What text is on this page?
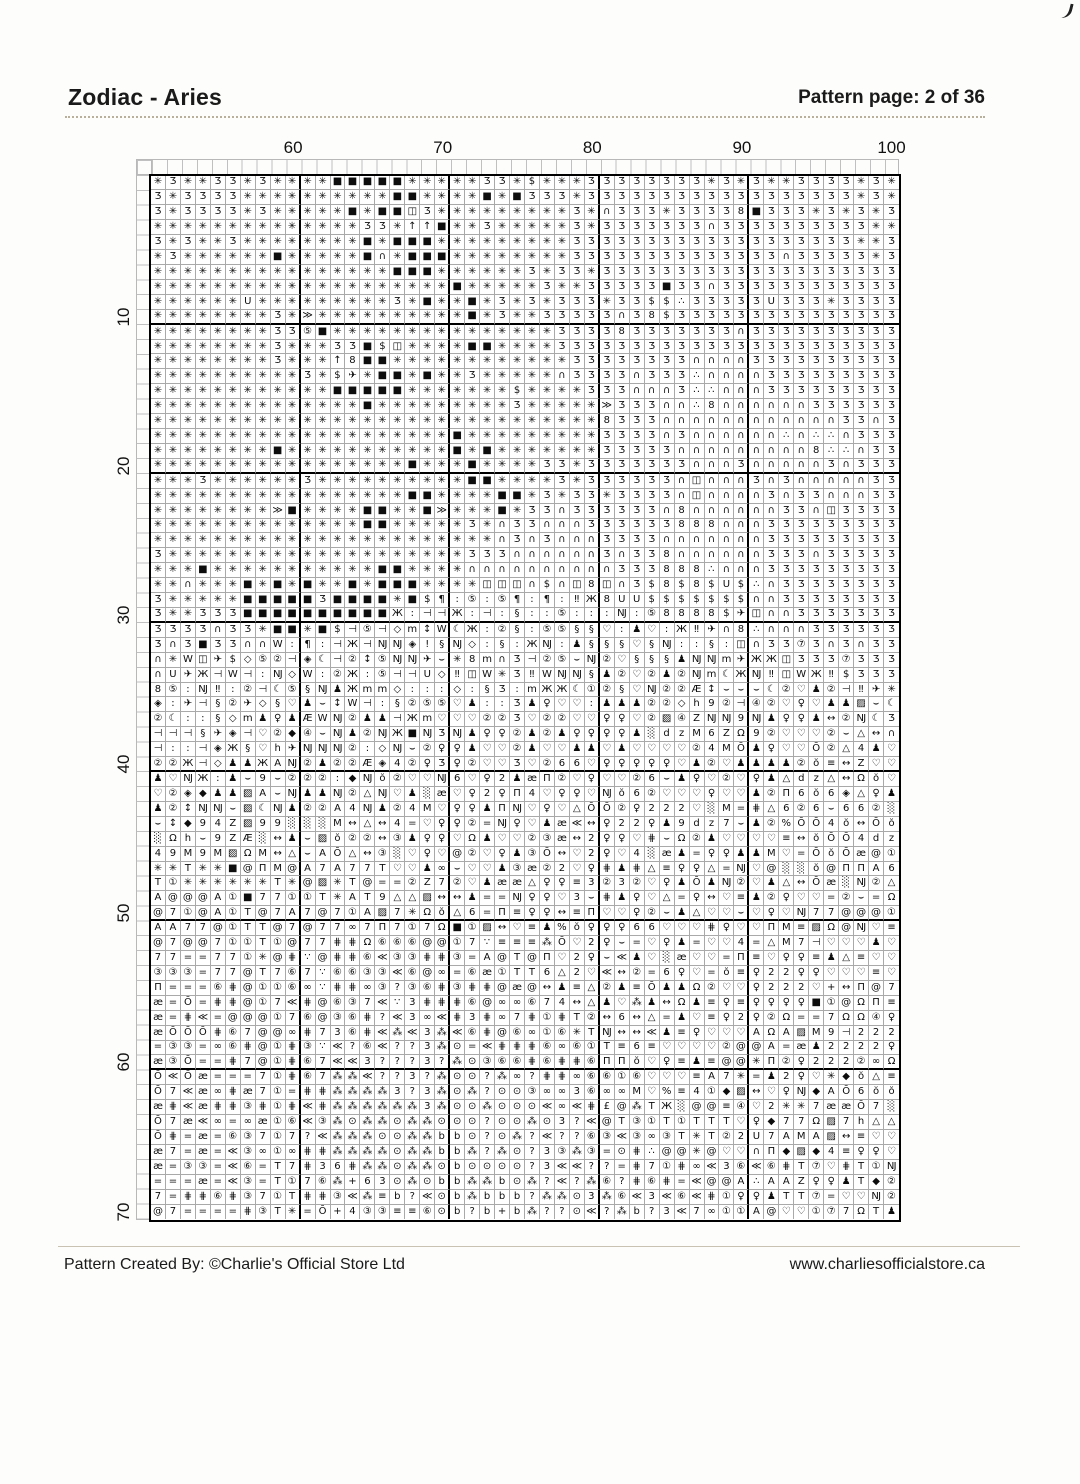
Zodiac - Aries	Pattern page: 2 of 36
60	70	80	90	100
10
20
30
40
50
60
70
✳ Ʒ ✳ ✳ Ʒ Ʒ ✳ Ʒ ✳ ✳ ✳ ✳ ■ ■ ■ ■ ■ ✳ ✳ ✳ ✳ ✳ Ʒ Ʒ ✳ $ ✳ ✳ ✳ Ʒ Ʒ Ʒ Ʒ Ʒ Ʒ Ʒ Ʒ ✳ Ʒ ✳ Ʒ ✳ ✳ Ʒ Ʒ Ʒ Ʒ ✳ Ʒ ✳
Ʒ ✳ Ʒ Ʒ Ʒ Ʒ ✳ ✳ ✳ ✳ ✳ ✳ ✳ ✳ ✳ ✳ ■ ■ ✳ ✳ ✳ ✳ ■ ✳ ■ Ʒ Ʒ Ʒ ✳ Ʒ Ʒ Ʒ Ʒ Ʒ Ʒ Ʒ Ʒ Ʒ Ʒ Ʒ Ʒ Ʒ Ʒ Ʒ Ʒ Ʒ Ʒ ✳ Ʒ ✳
Ʒ ✳ Ʒ Ʒ Ʒ Ʒ ✳ Ʒ ✳ ✳ ✳ ✳ ✳ ■ ✳ ■ ■ ◫ Ʒ ✳ ✳ ✳ ✳ ✳ ✳ ✳ ✳ ✳ Ʒ ✳ ∩ Ʒ Ʒ Ʒ ✳ Ʒ Ʒ Ʒ Ʒ 8 ■ Ʒ Ʒ Ʒ ✳ Ʒ ✳ Ʒ ✳ Ʒ
✳ ✳ ✳ ✳ ✳ ✳ ✳ ✳ ✳ ✳ ✳ ✳ ✳ ✳ Ʒ Ʒ ✳ ↑ ↑ ■ ✳ ✳ Ʒ ✳ ✳ ✳ ✳ ✳ Ʒ ✳ Ʒ Ʒ Ʒ Ʒ Ʒ Ʒ Ʒ ∩ Ʒ Ʒ Ʒ Ʒ Ʒ Ʒ Ʒ Ʒ Ʒ Ʒ ✳ ✳
Ʒ ✳ Ʒ ✳ ✳ Ʒ ✳ ✳ ✳ ✳ ✳ ✳ ✳ ✳ ■ ✳ ■ ■ ■ ✳ ✳ ✳ ✳ ✳ ✳ ✳ ✳ ✳ Ʒ Ʒ Ʒ Ʒ Ʒ Ʒ Ʒ Ʒ Ʒ Ʒ Ʒ Ʒ Ʒ Ʒ Ʒ Ʒ Ʒ Ʒ Ʒ ✳ ✳ Ʒ
✳ Ʒ ✳ ✳ ✳ ✳ ✳ ✳ ■ ✳ ✳ ✳ ✳ ✳ ■ ∩ ✳ ■ ■ ■ ✳ ✳ ✳ ✳ ✳ ✳ ✳ ✳ Ʒ Ʒ Ʒ Ʒ Ʒ Ʒ Ʒ Ʒ Ʒ Ʒ Ʒ Ʒ Ʒ Ʒ ∩ Ʒ Ʒ Ʒ Ʒ Ʒ ✳ Ʒ
✳ ✳ ✳ ✳ ✳ ✳ ✳ ✳ ✳ ✳ ✳ ✳ ✳ ✳ ✳ ✳ ■ ■ ■ ✳ ✳ ✳ ✳ ✳ ✳ Ʒ ✳ Ʒ Ʒ ✳ Ʒ Ʒ Ʒ Ʒ Ʒ Ʒ Ʒ Ʒ Ʒ Ʒ Ʒ Ʒ Ʒ Ʒ Ʒ Ʒ Ʒ Ʒ Ʒ Ʒ
✳ ✳ ✳ ✳ ✳ ✳ ✳ ✳ ✳ ✳ ✳ ✳ ✳ ✳ ✳ ✳ ✳ ✳ ✳ ✳ ■ ✳ ✳ ✳ ✳ ✳ Ʒ ✳ ✳ Ʒ Ʒ Ʒ Ʒ Ʒ ■ Ʒ Ʒ ∩ Ʒ Ʒ Ʒ Ʒ Ʒ Ʒ Ʒ Ʒ Ʒ Ʒ Ʒ Ʒ
✳ ✳ ✳ ✳ ✳ ✳ U ✳ ✳ ✳ ✳ ✳ ✳ ✳ ✳ ✳ Ʒ ✳ ■ ✳ ✳ ■ ✳ Ʒ ✳ Ʒ ✳ Ʒ Ʒ Ʒ ✳ Ʒ Ʒ $ $ ∴ Ʒ Ʒ Ʒ Ʒ Ʒ U Ʒ Ʒ Ʒ ✳ Ʒ Ʒ Ʒ Ʒ
✳ ✳ ✳ ✳ ✳ ✳ ✳ ✳ Ʒ ✳ ≫ ✳ ✳ ✳ ✳ ✳ ✳ ✳ ✳ ✳ ✳ ■ ✳ Ʒ ✳ ✳ Ʒ Ʒ Ʒ Ʒ Ʒ ∩ Ʒ 8 $ Ʒ Ʒ Ʒ Ʒ Ʒ Ʒ Ʒ Ʒ Ʒ Ʒ Ʒ Ʒ Ʒ Ʒ Ʒ
✳ ✳ ✳ ✳ ✳ ✳ ✳ ✳ Ʒ Ʒ ⑤ ■ ✳ ✳ ✳ ✳ ✳ ✳ ✳ ✳ ✳ ✳ ✳ ✳ ✳ ✳ ✳ Ʒ Ʒ Ʒ Ʒ 8 Ʒ Ʒ Ʒ Ʒ Ʒ Ʒ Ʒ ∩ Ʒ Ʒ Ʒ Ʒ Ʒ Ʒ Ʒ Ʒ Ʒ Ʒ
✳ ✳ ✳ ✳ ✳ ✳ ✳ ✳ Ʒ ✳ ✳ ✳ Ʒ Ʒ ■ $ ◫ ✳ ✳ ✳ ✳ ■ ■ ✳ ✳ ✳ ✳ Ʒ Ʒ Ʒ Ʒ Ʒ Ʒ Ʒ Ʒ Ʒ Ʒ Ʒ Ʒ Ʒ Ʒ Ʒ Ʒ Ʒ Ʒ Ʒ Ʒ Ʒ Ʒ Ʒ
✳ ✳ ✳ ✳ ✳ ✳ ✳ ✳ Ʒ ✳ ✳ ✳ ↑ 8 ■ ■ ✳ ✳ ✳ ✳ ✳ ✳ ✳ ✳ ✳ ✳ ✳ ✳ Ʒ Ʒ Ʒ Ʒ Ʒ Ʒ Ʒ Ʒ ∩ ∩ ∩ ∩ Ʒ Ʒ Ʒ Ʒ Ʒ Ʒ Ʒ Ʒ Ʒ Ʒ
✳ ✳ ✳ ✳ ✳ ✳ ✳ ✳ ✳ ✳ Ʒ ✳ $ ✈ ✳ ■ ■ ✳ ■ ✳ ✳ Ʒ ✳ ✳ ✳ ✳ ✳ ∩ Ʒ Ʒ Ʒ Ʒ ∩ Ʒ Ʒ Ʒ ∴ ∩ ∩ ∩ ∩ Ʒ Ʒ Ʒ Ʒ Ʒ Ʒ Ʒ Ʒ Ʒ
✳ ✳ ✳ ✳ ✳ ✳ ✳ ✳ ✳ ✳ ✳ ✳ ■ ■ ■ ■ ■ ✳ ✳ ✳ ✳ ✳ ✳ ✳ $ ✳ ✳ ✳ ✳ Ʒ Ʒ Ʒ ∩ ∩ ∩ Ʒ ∴ ∴ ∩ ∩ ∩ Ʒ Ʒ Ʒ Ʒ Ʒ Ʒ Ʒ Ʒ Ʒ
✳ ✳ ✳ ✳ ✳ ✳ ✳ ✳ ✳ ✳ ✳ ✳ ✳ ✳ ■ ✳ ✳ ✳ ✳ ✳ ✳ ✳ ✳ ✳ Ʒ ✳ ✳ ✳ ✳ ✳ ≫ Ʒ Ʒ Ʒ ∩ ∩ ∴ 8 ∩ ∩ ∩ ∩ ∩ ∩ Ʒ Ʒ Ʒ Ʒ Ʒ Ʒ
✳ ✳ ✳ ✳ ✳ ✳ ✳ ✳ ✳ ✳ ✳ ✳ ✳ ✳ ✳ ✳ ✳ ✳ ✳ ✳ ✳ ✳ ✳ ✳ ✳ ✳ ✳ ✳ ✳ ✳ 8 Ʒ Ʒ Ʒ ∩ ∩ ∩ ∩ ∩ ∩ ∩ ∩ ∩ ∩ ∩ ∩ Ʒ Ʒ ∩ Ʒ
✳ ✳ ✳ ✳ ✳ ✳ ✳ ✳ ✳ ✳ ✳ ✳ ✳ ✳ ✳ ✳ ✳ ✳ ✳ ✳ ■ ✳ ✳ ✳ ✳ ✳ ✳ ✳ ✳ ✳ Ʒ Ʒ Ʒ Ʒ ∩ Ʒ ∩ ∩ ∩ ∩ ∩ ∩ ∴ ∩ ∴ ∴ ∩ Ʒ Ʒ Ʒ
✳ ✳ ✳ ✳ ✳ ✳ ✳ ✳ ■ ✳ ✳ ✳ ✳ ✳ ✳ ✳ ✳ ✳ ✳ ✳ ■ ✳ ■ ✳ ✳ ✳ ✳ ✳ ✳ ✳ Ʒ Ʒ Ʒ Ʒ Ʒ ∩ ∩ ∩ ∩ ∩ ∩ ∩ ∩ ∩ 8 ∴ ∴ ∩ Ʒ Ʒ
✳ ✳ ✳ ✳ ✳ ✳ ✳ ✳ ✳ ✳ ✳ ✳ ✳ ✳ ✳ ✳ ✳ ■ ✳ ✳ ✳ ■ ✳ ✳ ✳ ✳ Ʒ Ʒ ✳ Ʒ Ʒ Ʒ Ʒ Ʒ Ʒ Ʒ ∩ ∩ ∩ Ʒ ∩ ∩ ∩ ∩ ∩ Ʒ ∩ Ʒ Ʒ Ʒ
✳ ✳ ✳ Ʒ ✳ ✳ ✳ ✳ ✳ ✳ Ʒ ✳ ✳ ✳ ✳ ✳ ✳ ✳ ✳ ✳ ✳ ■ ■ ✳ ✳ ✳ ✳ Ʒ ✳ Ʒ Ʒ Ʒ Ʒ Ʒ Ʒ ∩ ◫ ∩ ∩ ∩ Ʒ ∩ Ʒ ∩ ∩ ∩ ∩ ∩ Ʒ Ʒ
✳ ✳ ✳ ✳ ✳ ✳ ✳ ✳ ✳ ✳ ✳ ✳ ✳ ✳ ✳ ✳ ✳ ■ ■ ✳ ✳ ✳ ✳ ■ ■ ✳ Ʒ ✳ Ʒ Ʒ ✳ Ʒ Ʒ Ʒ Ʒ ∩ ◫ ∩ ∩ ∩ ∩ Ʒ ∩ Ʒ Ʒ ∩ ∩ ∩ Ʒ Ʒ
✳ ✳ ✳ ✳ ✳ ✳ ✳ ✳ ≫ ■ ✳ ✳ ✳ ✳ ■ ■ ✳ ✳ ■ ≫ ✳ ✳ ✳ ■ ✳ Ʒ Ʒ ∩ Ʒ Ʒ Ʒ Ʒ Ʒ Ʒ ∩ 8 ∩ ∩ ∩ ∩ ∩ ∩ Ʒ Ʒ ∩ ◫ Ʒ Ʒ Ʒ Ʒ
✳ ✳ ✳ ✳ ✳ ✳ ✳ ✳ ✳ ✳ ✳ ✳ ✳ ✳ ■ ■ ✳ ✳ ✳ ✳ ✳ Ʒ ✳ ∩ Ʒ Ʒ ∩ ∩ ∩ Ʒ Ʒ Ʒ Ʒ Ʒ Ʒ 8 8 8 ∩ ∩ ∩ Ʒ Ʒ Ʒ Ʒ Ʒ Ʒ Ʒ Ʒ Ʒ
✳ ✳ ✳ ✳ ✳ ✳ ✳ ✳ ✳ ✳ ✳ ✳ ✳ ✳ ✳ ✳ ✳ ✳ ✳ ✳ ✳ ✳ ✳ ∩ Ʒ ∩ Ʒ ∩ ∩ ∩ Ʒ Ʒ Ʒ Ʒ ∩ ∩ ∩ ∩ ∩ ∩ ∩ Ʒ Ʒ Ʒ Ʒ Ʒ Ʒ Ʒ Ʒ Ʒ
Ʒ ✳ ✳ ✳ ✳ ✳ ✳ ✳ ✳ ✳ ✳ ✳ ✳ ✳ ✳ ✳ ✳ ✳ ✳ ✳ ✳ Ʒ Ʒ Ʒ ∩ ∩ ∩ ∩ ∩ ∩ Ʒ ∩ Ʒ Ʒ 8 ∩ ∩ ∩ ∩ ∩ ∩ Ʒ Ʒ Ʒ ∩ Ʒ Ʒ Ʒ Ʒ Ʒ
✳ ✳ ✳ ■ ✳ ✳ ✳ ✳ ✳ ✳ ✳ ✳ ✳ ✳ ✳ ■ ■ ✳ ✳ ✳ ✳ ∩ ∩ ∩ ∩ ∩ ∩ ∩ ∩ ∩ ∩ Ʒ Ʒ Ʒ 8 8 8 ∴ ∩ ∩ ∩ Ʒ Ʒ Ʒ Ʒ Ʒ Ʒ Ʒ Ʒ Ʒ
✳ ✳ ∩ ✳ ✳ ✳ ■ ✳ ■ ✳ ■ ✳ ✳ ■ ✳ ■ ■ ■ ✳ ✳ ✳ ✳ ◫ ◫ ◫ ∩ $ ∩ ◫ 8 ◫ ∩ Ʒ $ 8 $ 8 $ U $ ∴ ∩ Ʒ Ʒ Ʒ Ʒ Ʒ Ʒ Ʒ Ʒ
Ʒ ✳ ✳ ✳ ✳ ✳ ■ ■ ■ ■ ■ Ʒ ■ ■ ■ ■ ✳ ■ $ ¶	: ⑤ : ⑤ ¶	:	¶	:	‼ Ж 8 U U $ $ $ $ $ $ $ ∩ ∩ Ʒ Ʒ Ʒ Ʒ Ʒ Ʒ Ʒ Ʒ
Ʒ ✳ ✳ Ʒ Ʒ Ʒ ■ ■ ■ ■ ■ ■ ■ ■ ■ ■ Ж : ⊣ ⊣ Ж : ⊣ :	§	:	: ⑤ :	:	: Ǌ : ⑤ 8 8 8 8 $ ✈ ◫ ∩ ∩ Ʒ Ʒ Ʒ Ʒ Ʒ Ʒ Ʒ
Ʒ Ʒ Ʒ Ʒ ∩ Ʒ Ʒ ✳ ■ ■ ✳ ■ $ ⊣ ⑤ ⊣ ◇ m ↕ W ☾ Ж : ② §	: ⑤ ⑤ § § ♡ : ♟ ♡ : Ж ‼ ✈ ∩ 8 ∴ ∩ ∩ ∩ Ʒ Ʒ Ʒ Ʒ Ʒ Ʒ
Ʒ ∩ Ʒ ■ Ʒ Ʒ ∩ ∩ W :	¶	: ⊣ Ж ⊣ Ǌ Ǌ ◈ ! § Ǌ ◇ :	§	: Ж Ǌ : ♟ §	§ § ♡ § Ǌ :	:	§	: ◫ ∩ Ʒ Ʒ ⑦ Ʒ ∩ Ʒ ∩ Ʒ Ʒ
∩ ✳ W ◫ ✈ $ ◇ ⑤ ② ⊣ ◈ ☾ ⊣ ② ↕ ⑤ Ǌ Ǌ ✈ ⌣ ✳ 8 m ∩ Ʒ ⊣ ② ⑤ ⌣ Ǌ ② ♡ § § § ♟ Ǌ Ǌ m ✈ Ж Ж ◫ Ʒ Ʒ Ʒ ⑦ Ʒ Ʒ Ʒ
∩ U ✈ Ж ⊣ W ⊣ : Ǌ ◇ W : ② Ж : ⑤ ⊣ ⊣ U ◇ ‼ ◫ W ✳ Ʒ ‼ W Ǌ Ǌ § ♟ ② ♡ ② ♟ ② Ǌ m ☾ Ж Ǌ ‼ ◫ W Ж ‼ $ Ʒ Ʒ Ʒ
8 ⑤ : Ǌ ‼	: ② ⊣ ☾ ⑤ § Ǌ ♟ Ж m m ◇ :	:	: ◇ :	§ Ʒ : m Ж Ж ☾ ① ② § ♡ Ǌ ② ② Æ ↕ ⌣ ⌣ ⌣ ☾ ② ♡ ♟ ② ⊣ ‼ ✈ ✳
◈ : ✈ ⊣ § ② ✈ ◇ § ♡ ♟ ⌣ ↕ W ⊣ :	§ ② ⑤ ⑤ ♡ ♟ :	: Ʒ ♟ ♀ ♡ ♡ : ♟ ♟ ♟ ② ② ◇ h 9 ② ⊣ ④ ② ♡ ♀ ♡ ♟ ♟ ▨ ⌣ ☾
② ☾ :	:	§ ◇ m ♟ ♀ ♟ Æ W Ǌ ② ♟ ♟ ⊣ Ж m ♡ ♡ ♡ ② ② Ʒ ♡ ② ② ♡ ♡ ♀ ♀ ♡ ② ▨ ④ Z Ǌ Ǌ 9 Ǌ ♟ ♀ ♀ ♟ ↔ ② Ǌ ☾ Ʒ
⊣ ⊣ ⊣ § ✈ ◈ ⊣ ♡ ② ◆ ④ ⌣ Ǌ ♟ ② Ǌ Ж ■ Ǌ Ʒ Ǌ ♟ ♀ ♀ ② ♟ ② ♟ ♀ ♀ ♀ ♀ ♟ ░ d z M 6 Z Ω 9 ② ♡ ♡ ♡ ② ⌣ △ ↔ ∩
⊣ :	: ⊣ ◈ Ж § ♡ h ✈ Ǌ Ǌ Ǌ ② : ◇ Ǌ ⌣ ② ♀ ♀ ♟ ♡ ♡ ② ♟ ♡ ♡ ♟ ♟ ♡ ♟ ♡ ♡ ♡ ♡ ② 4 M Ō ♟ ♀ ♡ ♡ Ō ② △ 4 ♟ ♡
② ② Ж ⊣ ◇ ♟ ♟ Ж A Ǌ ② ♟ ② ② Æ ◈ 4 ② ♀ Ʒ ♀ ② ♡ ♡ Ʒ ♡ ② 6 6 ♡ ♀ ♀ ♀ ♀ ♀ ♡ ♟ ② ♡ ♟ ♟ ♟ ♟ ② ŏ ≡ ↔ Z ♡ ♡
♟ ♡ Ǌ Ж : ♟ ⌣ 9 ⌣ ② ② ② : ◆ Ǌ ŏ ② ♡ ♡ Ǌ 6 ♡ ♀ 2 ♟ æ Π ② ♡ ♀ ♡ ♡ ② 6 ⌣ ♟ ♀ ♡ ② ♡ ♀ ♟ △ d z △ ↔ Ω ŏ ♡
♡ ② ◈ ◆ ♟ ♟ ▨ A ⌣ Ǌ ♟ ♟ Ǌ ② △ Ǌ ♡ ♟ ░ æ ♡ ♀ 2 ♀ Π 4 ♡ ♀ ♀ ♡ Ǌ ŏ 6 ② ♡ ♡ ♡ ♀ ♡ ♡ ♟ ② Π 6 ŏ 6 ◈ △ ♀ ♟
♟ ② ↕ Ǌ Ǌ ⌣ ▨ ☾ Ǌ ♟ ② ② A 4 Ǌ ♟ ② 4 M ♡ ♀ ♀ ♟ Π Ǌ ♡ ♀ ♡ △ Ō Ō ② ♀ 2 2 2 ♡ ░ M = ⋕ △ 6 ② 6 ⌣ 6 6 ② ░
⌣ ↕ ◆ 9 4 Z ▨ 9 9 ░ ░ ░ M ↔ △ ↔ 4 = ♡ ♀ ♀ ② = Ǌ ♀ ♡ ♟ æ ≪ ↔ ♀ 2 2 ♀ ♟ 9 d z 7 ⌣ ♟ ② % Ō Ō 4 ŏ ↔ Ō ŏ
░ Ω h ⌣ 9 Z Æ ░ ↔ ♟ ⌣ ▨ ŏ ② ② ↔ ③ ♟ ♀ ♀ ♡ Ω ♟ ♡ ♡ ② ③ æ ↔ 2 ♀ ♀ ♡ ⋕ ⌣ Ω ② ♟ ♡ ♡ ♡ ♡ ≡ ↔ ŏ Ō Ō 4 d z
4 9 M 9 M ▨ Ω M ↔ △ ⌣ A Ō △ ↔ ③ ░ ♡ ♀ ♡ @ ② ♡ ♀ ♟ ③ Ō ↔ ♡ 2 ♀ ♡ 4 ░ æ ♟ = ♀ ♀ ♟ ♟ M ♡ = Ō ŏ Ō æ @ ①
✳ ✳ T ✳ ✳ ■ @ Π M @ A 7 A 7 7 T ♡ ♡ ♟ ∞ ⌣ ♡ ♡ ♟ ③ æ ② 2 ♡ ♀ ⋕ ♟ ⋕ △ ≡ ♀ ♀ △ = Ǌ ♡ @ ░ ░ ŏ @ Π Π A 6
T ① ✳ ✳ ✳ ✳ ✳ ✳ T ✳ @ ▨ ✳ T @ = = ② Z 7 ② ♡ ♟ æ æ △ ♀ ♀ ≡ 3 ② 3 ② ♡ ♀ ♟ Ō ♟ Ǌ ② ♡ ♟ △ ↔ Ō æ ░ Ǌ ② △
A @ @ @ A ① ■ 7 7 ① ① T ✳ A T 9 △ △ ▨ ↔ ↔ ♟ = = Ǌ ♀ ♀ ♡ 3 ⌣ ⋕ ♟ ♀ ♡ △ = ♀ ↔ ♡ ≡ ♟ ② ♀ ♡ ♡ = ② ⌣ = Ω
@ 7 ① @ A ① T @ 7 A 7 @ 7 ① A ▨ 7 ✳ Ω ŏ △ 6 = Π ≡ ♀ ♀ ↔ ≡ Π ♡ ♡ ♀ ② ⌣ ♟ △ ♡ ♡ ⌣ ♡ ♀ ♡ Ǌ 7 7 @ @ @ ①
A A 7 7 @ ① T T @ 7 @ 7 7 ∞ 7 Π 7 ① 7 Ω ■ ① ▨ ↔ ♡ ≡ ♟ % ŏ ♀ ♀ ♀ 6 6 ♡ ♡ ♡ ⋕ ♀ ♡ ♡ Π M ≡ ▨ Ω @ Ǌ ♡ ≡
@ 7 @ @ 7 ① ① T ① @ 7 7 ⋕ ⋕ Ω ⑥ ⑥ ⑥ @ @ ① 7 ∵ ≡ ≡ ≡ ⁂ Ō ♡ 2 ♀ ⌣ = ♡ ♀ ♟ = ♡ ♡ 4 = △ M 7 ⊣ ♡ ♡ ♡ ♟ ♡
7 7 = = 7 7 ① ✳ @ ⋕ ∵ @ ⋕ ⋕ ⑥ ≪ ③ ③ ⋕ ⋕ ③ = A @ T @ Π ♡ 2 ♀ ⌣ ≪ ♟ ♡ ░ æ ♡ ♡ = Π ≡ ♡ ♀ ♀ ≡ ♟ △ ≡ ♡ ♡
③ ③ ③ = 7 7 @ T 7 ⑥ 7 ∵ ⑥ ⑥ ③ ③ ≪ ⑥ @ ∞ = ⑥ æ ① T T 6 △ 2 ♡ ≪ ↔ ② = 6 ♀ ♡ = ŏ ≡ ♀ 2 2 ♀ ♀ ♡ ♡ ♡ ≡ ♡
Π = = = ⑥ ⋕ @ ① ① ⑥ ∞ ∵ ⋕ ⋕ ∞ ③ ? ③ ⑥ ⋕ ③ ⋕ ⋕ @ æ @ ↔ ♟ ≡ △ ② ♟ ≡ Ō ♟ ♟ Ω ② ♡ ♡ ♀ 2 2 2 ♡ + ↔ Π @ 7
æ = Ō = ⋕ ⋕ @ ① 7 ≪ ⋕ @ ⑥ ③ 7 ≪ ∵ 3 ⋕ ⋕ ⋕ ⑥ @ ∞ ∞ ⑥ 7 4 ↔ △ ♟ ♡ ⁂ ♟ ↔ Ω ♟ ≡ ♀ ≡ ♀ ♀ ♀ ♀ ■ ① @ Ω Π ≡
æ = ⋕ ≪ = @ @ @ ① 7 ⑥ @ ③ ⑥ ⋕ ? ≪ 3 ∞ ≪ ⋕ 3 ⋕ ∞ 7 ⋕ ① ⋕ T ② ↔ 6 ↔ △ = ♟ ♡ ≡ ♀ 2 ♀ ② Ω = = 7 Ω Ω ④ ♀
æ Ō Ō Ō ⋕ ⑥ 7 @ @ ∞ ⋕ 7 3 ⑥ ⋕ ≪ ⁂ ≪ 3 ⁂ ≪ ⑥ ⋕ @ ⑥ ∞ ① ⑥ ✳ T Ǌ ↔ ↔ ≪ ♟ ≡ ♀ ♡ ♡ ♡ A Ω A ▨ M 9 ⊣ 2 2 2
= ③ ③ = ∞ ⑥ ⋕ @ ① ⋕ ③ ∵ ≪ ? ⑥ ≪ ? ? 3 ⁂ ⊙ = ≪ ⋕ ⋕ ⋕ ⑥ ∞ ⑥ ① T ≡ 6 ≡ ♡ ♡ ♡ ♡ ② @ @ A = æ ♟ 2 2 2 2 ♀
æ ③ Ō = = ⋕ 7 @ ① ⋕ ⑥ 7 ≪ ≪ 3 ? ? ? 3 ? ⁂ ⊙ ③ ⑥ ⑥ ⋕ ⑥ ⋕ ⋕ ⑥ Π Π ŏ ♡ ♀ ≡ ♟ ≡ @ @ ✳ Π ② ♀ 2 2 2 ② ∞ Ω
Ō ≪ Ō æ = = = 7 ① ⋕ ⑥ 7 ⁂ ⁂ ≪ ? ? 3 ? ⁂ ⊙ ⊙ ? ⁂ ∞ ? ⋕ ⋕ ∞ ⑥ ⑥ ① ⑥ ♡ ♡ ♡ ≡ A 7 ✳ = ♟ 2 ♀ ♡ ✳ ◆ ŏ △ ≡
Ō 7 ≪ æ ∞ ⋕ æ 7 ① = ⋕ ⋕ ⁂ ⁂ ⁂ ⁂ 3 ? 3 ⁂ ⊙ ⁂ ? ⊙ ⊙ ③ ∞ ∞ 3 ⑥ ∞ ∞ M ♡ % ≡ 4 ① ◆ ▨ ↔ ♡ ♀ Ǌ ◆ A Ō 6 ŏ ŏ
æ ⋕ ≪ æ ⋕ ⋕ ③ ⋕ ① ⋕ ≪ ⋕ ⁂ ⁂ ⁂ ⁂ ⁂ ⁂ 3 ⁂ ⊙ ⊙ ⁂ ⊙ ⊙ ⊙ ≪ ∞ ≪ ⋕ £ @ ⁂ T Ж ░ @ @ ≡ ④ ♡ 2 ✳ ✳ 7 æ æ Ō 7 ░
Ō 7 æ ≪ ∞ = ∞ æ ① ⑥ ≪ ③ ⁂ ⊙ ⁂ ⁂ ⊙ ⁂ ⁂ ⊙ ⊙ ⊙ ? ⊙ ⊙ ⁂ ⊙ 3 ? ≪ @ T ③ ① T ① T T T ♡ ♀ ◆ 7 7 Ω ▨ 7 h △ △
Ō ⋕ = æ = ⑥ ③ 7 ① 7 ? ≪ ⁂ ⁂ ⁂ ⊙ ⊙ ⁂ ⁂ b b ⊙ ? ⊙ ⁂ ? ≪ ? ? ⑥ ③ ≪ ③ ∞ ③ T ✳ T ② 2 U 7 A M A ▨ ↔ ≡ ♡ ♡
æ 7 = æ = ≪ ③ ∞ ① ∞ ⋕ ⋕ ⁂ ⁂ ⁂ ⁂ ⊙ ⁂ ⁂ b b ⁂ ? ⁂ ⊙ ? 3 ③ ⁂ ③ = ⊙ ⋕ ∴ @ @ ✳ @ ♡ ♡ ∩ Π ◆ ▨ ◆ 4 ≡ ♀ ♀ ♡
æ = ③ ③ = ≪ ⑥ = T 7 ⋕ 3 6 ⋕ ⁂ ⁂ ⊙ ⁂ ⁂ ⊙ b ⊙ ⊙ ⊙ ⊙ ? 3 ≪ ≪ ?	? = ⋕ 7 ① ⋕ ∞ ≪ 3 ⑥ ≪ ⑥ ⋕ T ⑦ ♡ ⋕ T ① Ǌ
= = = æ = ≪ ③ = T ① 7 ⑥ ⁂ + 6 3 ⊙ ⁂ ⊙ b b ⁂ ⁂ b ⊙ ⁂ ? ≪ ? ⁂ ⑥ ? ⋕ ⑥ ⋕ = ≪ @ @ A ∴ A A Z ♀ ♀ ♟ T ◆ ②
7 = ⋕ ⋕ ⑥ ⋕ ③ 7 ① T ⋕ ⋕ ③ ≪ ⁂ ≡ b ? ≪ ⊙ b ⁂ b b b ? ⁂ ⁂ ⊙ 3 ⁂ ⑥ ≪ 3 ≪ ⑥ ≪ ⋕ ① ♀ ♀ ♟ T T ⑦ = ♡ ♡ Ǌ ②
@ 7 = = = = ⋕ ③ T ✳ = Ō + 4 ③ ③ ≡ ≡ ⑥ ⊙ b ? b + b ⁂ ? ? ⊙ ≪ ? ⁂ b ? 3 ≪ 7 ∞ ① ① A @ ♡ ♡ ① ⑦ 7 Ω T ♟
Pattern Created By: ©Charlie's Official Store Ltd	www.charliesofficialstore.ca
